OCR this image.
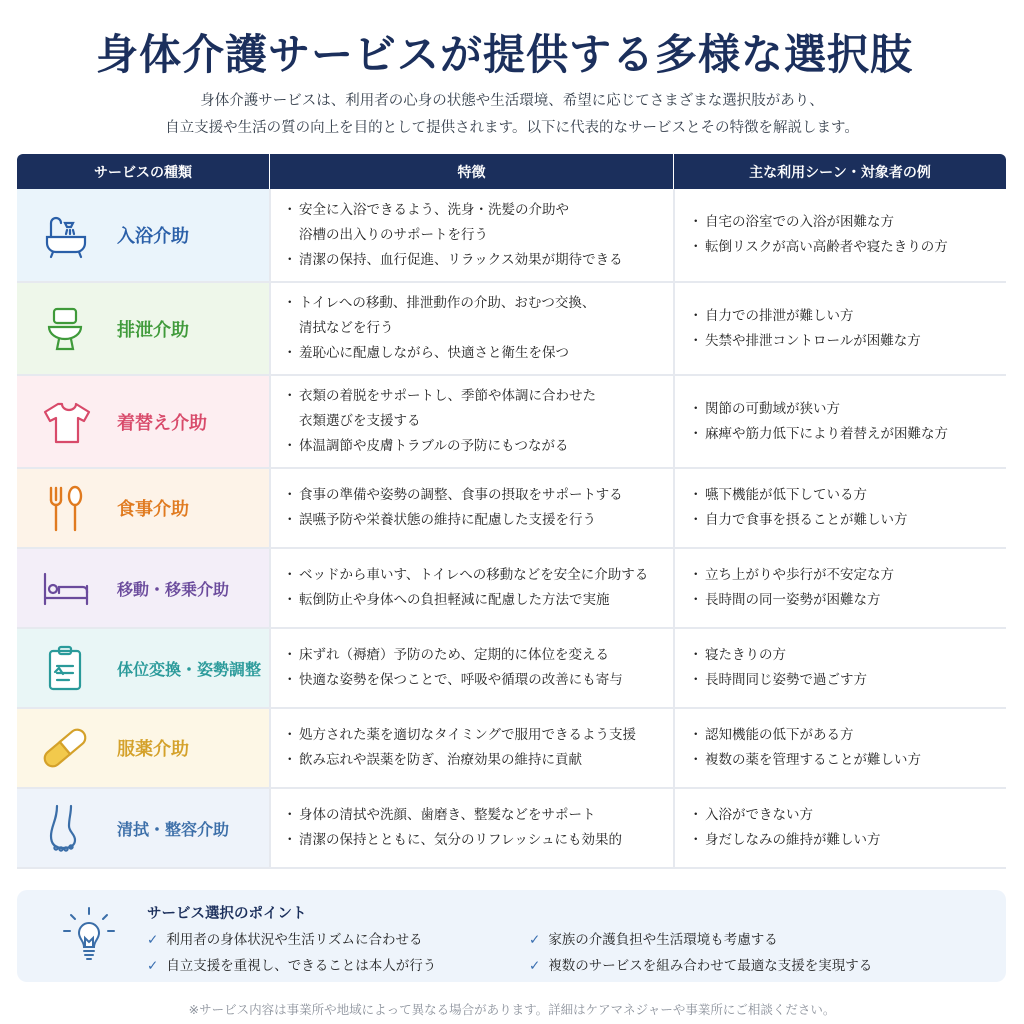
身体介護サービスが提供する多様な選択肢
身体介護サービスは、利用者の心身の状態や生活環境、希望に応じてさまざまな選択肢があり、
自立支援や生活の質の向上を目的として提供されます。以下に代表的なサービスとその特徴を解説します。
サービスの種類	特徴	主な利用シーン・対象者の例
入浴介助
・ 安全に入浴できるよう、洗身・洗髪の介助や
浴槽の出入りのサポートを行う
・ 清潔の保持、血行促進、リラックス効果が期待できる
・ 自宅の浴室での入浴が困難な方
・ 転倒リスクが高い高齢者や寝たきりの方
排泄介助
・ トイレへの移動、排泄動作の介助、おむつ交換、
清拭などを行う
・ 羞恥心に配慮しながら、快適さと衛生を保つ
・ 自力での排泄が難しい方
・ 失禁や排泄コントロールが困難な方
着替え介助
・ 衣類の着脱をサポートし、季節や体調に合わせた
衣類選びを支援する
・ 体温調節や皮膚トラブルの予防にもつながる
・ 関節の可動域が狭い方
・ 麻痺や筋力低下により着替えが困難な方
食事介助
・ 食事の準備や姿勢の調整、食事の摂取をサポートする
・ 誤嚥予防や栄養状態の維持に配慮した支援を行う
・ 嚥下機能が低下している方
・ 自力で食事を摂ることが難しい方
移動・移乗介助
・ ベッドから車いす、トイレへの移動などを安全に介助する
・ 転倒防止や身体への負担軽減に配慮した方法で実施
・ 立ち上がりや歩行が不安定な方
・ 長時間の同一姿勢が困難な方
体位変換・姿勢調整
・ 床ずれ（褥瘡）予防のため、定期的に体位を変える
・ 快適な姿勢を保つことで、呼吸や循環の改善にも寄与
・ 寝たきりの方
・ 長時間同じ姿勢で過ごす方
服薬介助
・ 処方された薬を適切なタイミングで服用できるよう支援
・ 飲み忘れや誤薬を防ぎ、治療効果の維持に貢献
・ 認知機能の低下がある方
・ 複数の薬を管理することが難しい方
清拭・整容介助
・ 身体の清拭や洗顔、歯磨き、整髪などをサポート
・ 清潔の保持とともに、気分のリフレッシュにも効果的
・ 入浴ができない方
・ 身だしなみの維持が難しい方
サービス選択のポイント
✓ 利用者の身体状況や生活リズムに合わせる
✓ 自立支援を重視し、できることは本人が行う
✓ 家族の介護負担や生活環境も考慮する
✓ 複数のサービスを組み合わせて最適な支援を実現する
※サービス内容は事業所や地域によって異なる場合があります。詳細はケアマネジャーや事業所にご相談ください。
